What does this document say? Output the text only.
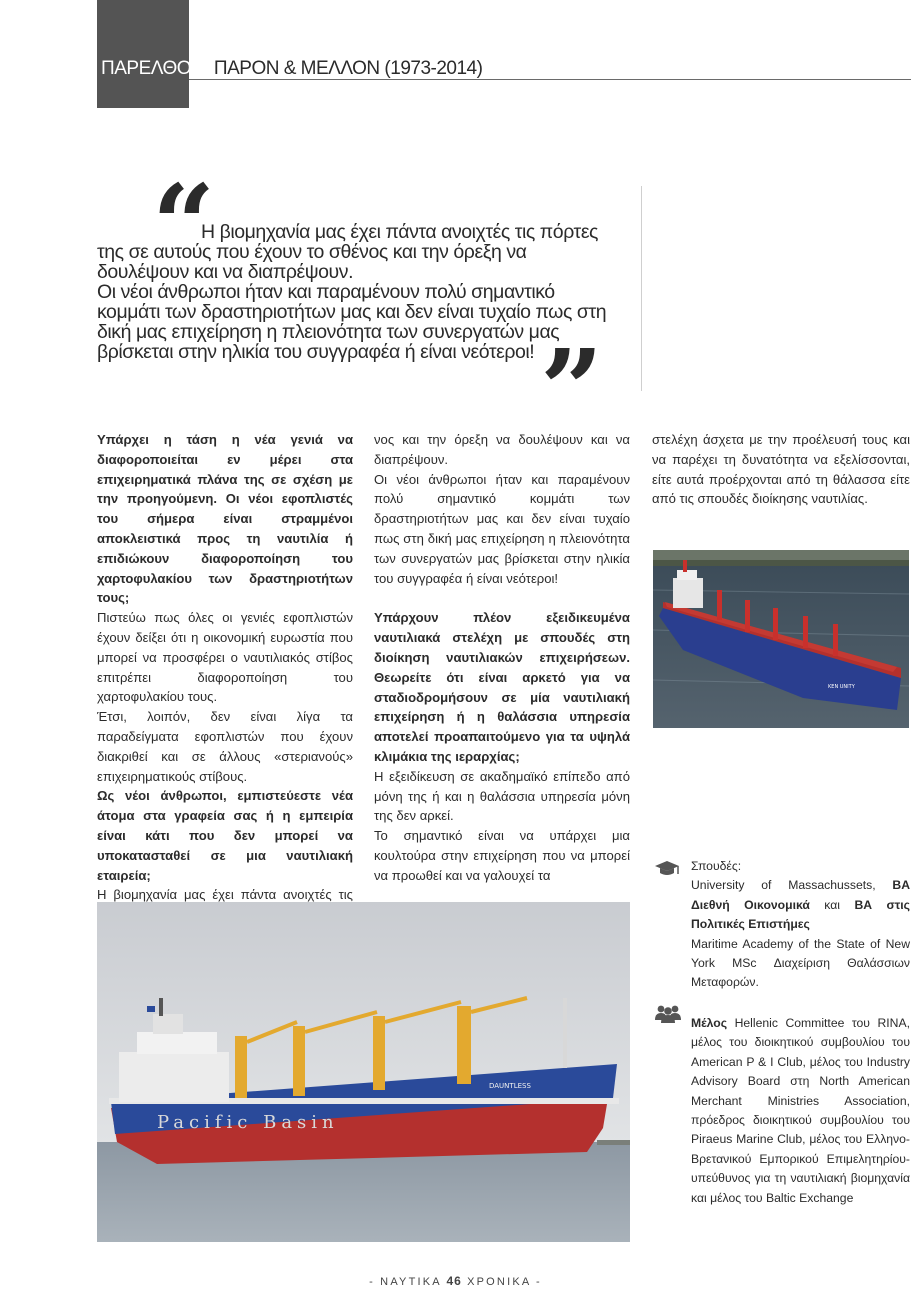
ΠΑΡΕΛΘΟΝ, ΠΑΡΟΝ & ΜΕΛΛΟΝ (1973-2014)
“

Η βιομηχανία μας έχει πάντα ανοιχτές τις πόρτες της σε αυτούς που έχουν το σθένος και την όρεξη να δουλέψουν και να διαπρέψουν.

Οι νέοι άνθρωποι ήταν και παραμένουν πολύ σημαντικό κομμάτι των δραστηριοτήτων μας και δεν είναι τυχαίο πως στη δική μας επιχείρηση η πλειονότητα των συνεργατών μας βρίσκεται στην ηλικία του συγγραφέα ή είναι νεότεροι! ”

Υπάρχει η τάση η νέα γενιά να διαφοροποιείται εν μέρει στα επιχειρηματικά πλάνα της σε σχέση με την προηγούμενη. Οι νέοι εφοπλιστές του σήμερα είναι στραμμένοι αποκλειστικά προς τη ναυτιλία ή επιδιώκουν διαφοροποίηση του χαρτοφυλακίου των δραστηριοτήτων τους;

Πιστεύω πως όλες οι γενιές εφοπλιστών έχουν δείξει ότι η οικονομική ευρωστία που μπορεί να προσφέρει ο ναυτιλιακός στίβος επιτρέπει διαφοροποίηση του χαρτοφυλακίου τους.

Έτσι, λοιπόν, δεν είναι λίγα τα παραδείγματα εφοπλιστών που έχουν διακριθεί και σε άλλους «στεριανούς» επιχειρηματικούς στίβους.

Ως νέοι άνθρωποι, εμπιστεύεστε νέα άτομα στα γραφεία σας ή η εμπειρία είναι κάτι που δεν μπορεί να υποκατασταθεί σε μια ναυτιλιακή εταιρεία;

Η βιομηχανία μας έχει πάντα ανοιχτές τις

νος και την όρεξη να δουλέψουν και να διαπρέψουν.

Οι νέοι άνθρωποι ήταν και παραμένουν πολύ σημαντικό κομμάτι των δραστηριοτήτων μας και δεν είναι τυχαίο πως στη δική μας επιχείρηση η πλειονότητα των συνεργατών μας βρίσκεται στην ηλικία του συγγραφέα ή είναι νεότεροι!

Υπάρχουν πλέον εξειδικευμένα ναυτιλιακά στελέχη με σπουδές στη διοίκηση ναυτιλιακών επιχειρήσεων. Θεωρείτε ότι είναι αρκετό για να σταδιοδρομήσουν σε μία ναυτιλιακή επιχείρηση ή η θαλάσσια υπηρεσία αποτελεί προαπαιτούμενο για τα υψηλά κλιμάκια της ιεραρχίας;

Η εξειδίκευση σε ακαδημαϊκό επίπεδο από μόνη της ή και η θαλάσσια υπηρεσία μόνη της δεν αρκεί.

Το σημαντικό είναι να υπάρχει μια κουλτούρα στην επιχείρηση που να μπορεί να προωθεί και να γαλουχεί τα

στελέχη άσχετα με την προέλευσή τους και να παρέχει τη δυνατότητα να εξελίσσονται, είτε αυτά προέρχονται από τη θάλασσα είτε από τις σπουδές διοίκησης ναυτιλίας.

KEN UNITY
Pacific Basin
DAUNTLESS

Σπουδές:

University of Massachussets, ΒΑ Διεθνή Οικονομικά και ΒΑ στις Πολιτικές Επιστήμες

Maritime Academy of the State of New York MSc Διαχείριση Θαλάσσιων Μεταφορών.

Μέλος Hellenic Committee του RINA, μέλος του διοικητικού συμβουλίου του American P & I Club, μέλος του Industry Advisory Board στη North American Merchant Ministries Association, πρόεδρος διοικητικού συμβουλίου του Piraeus Marine Club, μέλος του Ελληνο-Βρετανικού Εμπορικού Επιμελητηρίου-υπεύθυνος για τη ναυτιλιακή βιομηχανία και μέλος του Baltic Exchange

- ΝΑΥΤΙΚΑ 46 ΧΡΟΝΙΚΑ -
